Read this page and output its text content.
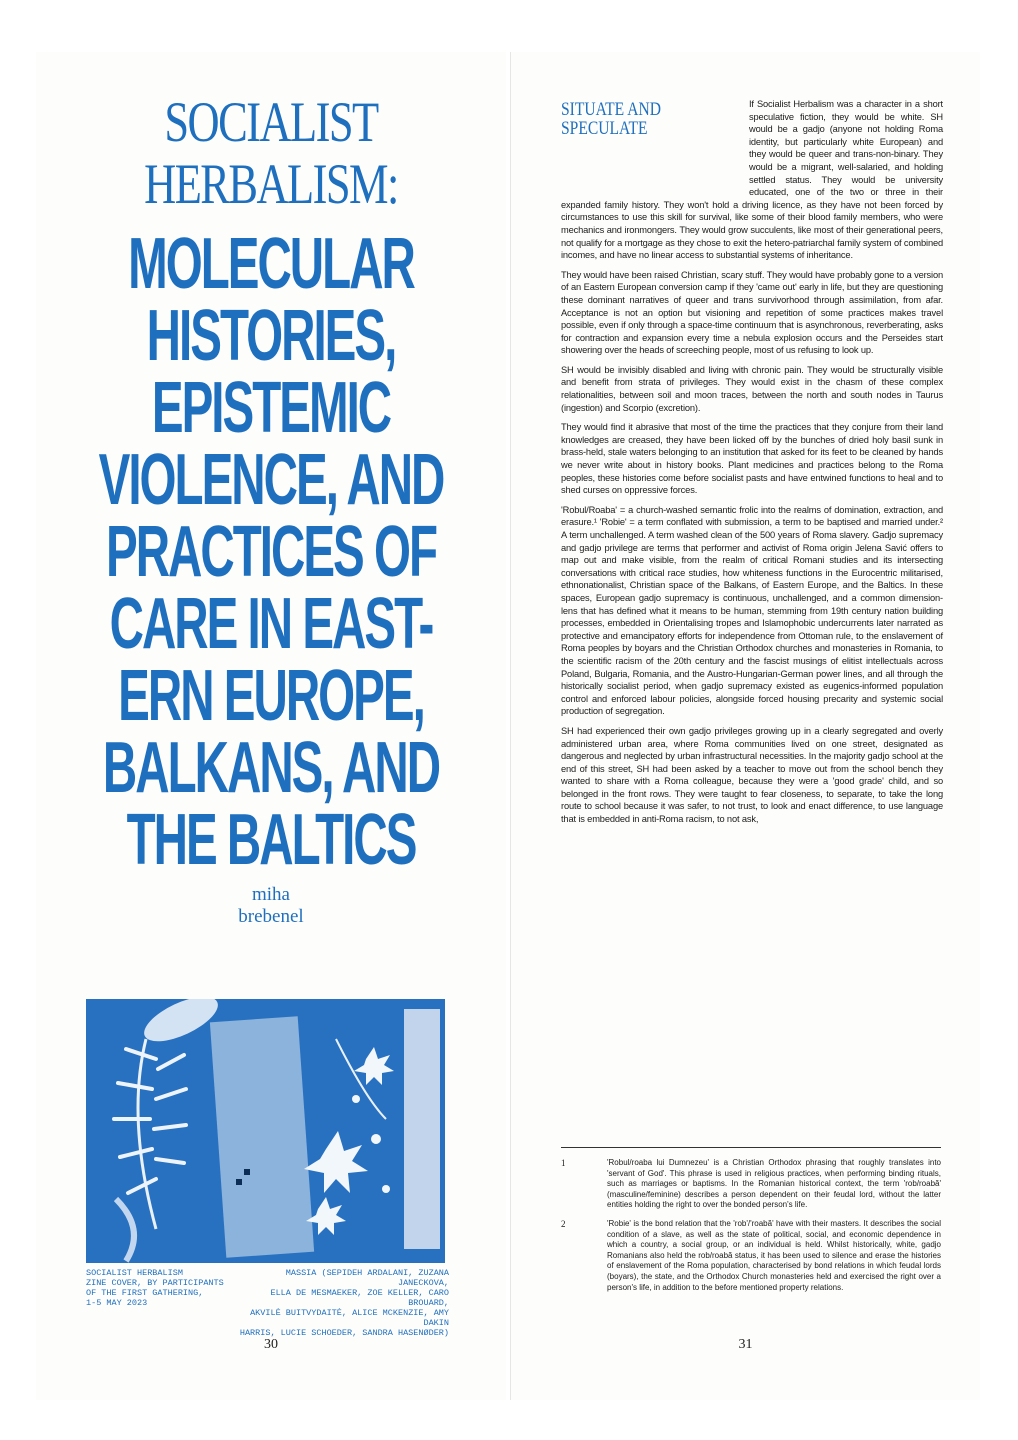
SOCIALIST
HERBALISM:
MOLECULAR
HISTORIES,
EPISTEMIC
VIOLENCE, AND
PRACTICES OF
CARE IN EAST-
ERN EUROPE,
BALKANS, AND
THE BALTICS
miha
brebenel
SOCIALIST HERBALISM
ZINE COVER, BY PARTICIPANTS
OF THE FIRST GATHERING,
1-5 MAY 2023
MASSIA (SEPIDEH ARDALANI, ZUZANA JANECKOVA,
ELLA DE MESMAEKER, ZOE KELLER, CARO BROUARD,
AKVILĖ BUITVYDAITĖ, ALICE MCKENZIE, AMY DAKIN
HARRIS, LUCIE SCHOEDER, SANDRA HASENØDER)
30
SITUATE AND
SPECULATE

If Socialist Herbalism was a character in a short speculative fiction, they would be white. SH would be a gadjo (anyone not holding Roma identity, but particularly white European) and they would be queer and trans-non-binary. They would be a migrant, well-salaried, and holding settled status. They would be university educated, one of the two or three in their expanded family history. They won't hold a driving licence, as they have not been forced by circumstances to use this skill for survival, like some of their blood family members, who were mechanics and ironmongers. They would grow succulents, like most of their generational peers, not qualify for a mortgage as they chose to exit the hetero-patriarchal family system of combined incomes, and have no linear access to substantial systems of inheritance.

They would have been raised Christian, scary stuff. They would have probably gone to a version of an Eastern European conversion camp if they 'came out' early in life, but they are questioning these dominant narratives of queer and trans survivorhood through assimilation, from afar. Acceptance is not an option but visioning and repetition of some practices makes travel possible, even if only through a space-time continuum that is asynchronous, reverberating, asks for contraction and expansion every time a nebula explosion occurs and the Perseides start showering over the heads of screeching people, most of us refusing to look up.

SH would be invisibly disabled and living with chronic pain. They would be structurally visible and benefit from strata of privileges. They would exist in the chasm of these complex relationalities, between soil and moon traces, between the north and south nodes in Taurus (ingestion) and Scorpio (excretion).

They would find it abrasive that most of the time the practices that they conjure from their land knowledges are creased, they have been licked off by the bunches of dried holy basil sunk in brass-held, stale waters belonging to an institution that asked for its feet to be cleaned by hands we never write about in history books. Plant medicines and practices belong to the Roma peoples, these histories come before socialist pasts and have entwined functions to heal and to shed curses on oppressive forces.

'Robul/Roaba' = a church-washed semantic frolic into the realms of domination, extraction, and erasure.¹ 'Robie' = a term conflated with submission, a term to be baptised and married under.² A term unchallenged. A term washed clean of the 500 years of Roma slavery. Gadjo supremacy and gadjo privilege are terms that performer and activist of Roma origin Jelena Savić offers to map out and make visible, from the realm of critical Romani studies and its intersecting conversations with critical race studies, how whiteness functions in the Eurocentric militarised, ethnonationalist, Christian space of the Balkans, of Eastern Europe, and the Baltics. In these spaces, European gadjo supremacy is continuous, unchallenged, and a common dimension-lens that has defined what it means to be human, stemming from 19th century nation building processes, embedded in Orientalising tropes and Islamophobic undercurrents later narrated as protective and emancipatory efforts for independence from Ottoman rule, to the enslavement of Roma peoples by boyars and the Christian Orthodox churches and monasteries in Romania, to the scientific racism of the 20th century and the fascist musings of elitist intellectuals across Poland, Bulgaria, Romania, and the Austro-Hungarian-German power lines, and all through the historically socialist period, when gadjo supremacy existed as eugenics-informed population control and enforced labour policies, alongside forced housing precarity and systemic social production of segregation.

SH had experienced their own gadjo privileges growing up in a clearly segregated and overly administered urban area, where Roma communities lived on one street, designated as dangerous and neglected by urban infrastructural necessities. In the majority gadjo school at the end of this street, SH had been asked by a teacher to move out from the school bench they wanted to share with a Roma colleague, because they were a 'good grade' child, and so belonged in the front rows. They were taught to fear closeness, to separate, to take the long route to school because it was safer, to not trust, to look and enact difference, to use language that is embedded in anti-Roma racism, to not ask,

1	'Robul/roaba lui Dumnezeu' is a Christian Orthodox phrasing that roughly translates into 'servant of God'. This phrase is used in religious practices, when performing binding rituals, such as marriages or baptisms. In the Romanian historical context, the term 'rob/roabă' (masculine/feminine) describes a person dependent on their feudal lord, without the latter entities holding the right to over the bonded person's life.
2	'Robie' is the bond relation that the 'rob'/'roabă' have with their masters. It describes the social condition of a slave, as well as the state of political, social, and economic dependence in which a country, a social group, or an individual is held. Whilst historically, white, gadjo Romanians also held the rob/roabă status, it has been used to silence and erase the histories of enslavement of the Roma population, characterised by bond relations in which feudal lords (boyars), the state, and the Orthodox Church monasteries held and exercised the right over a person's life, in addition to the before mentioned property relations.
31
